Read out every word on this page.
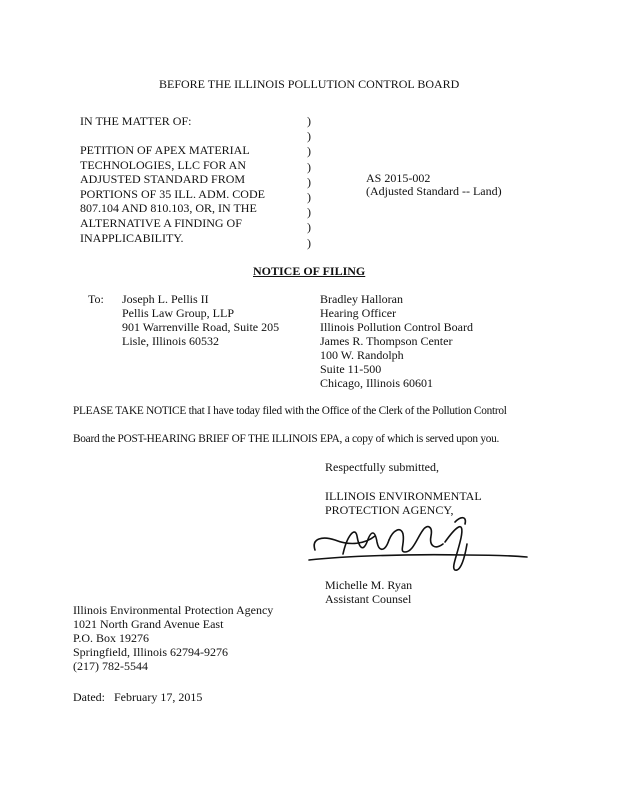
BEFORE THE ILLINOIS POLLUTION CONTROL BOARD
IN THE MATTER OF:
PETITION OF APEX MATERIAL
TECHNOLOGIES, LLC FOR AN
ADJUSTED STANDARD FROM
PORTIONS OF 35 ILL. ADM. CODE
807.104 AND 810.103, OR, IN THE
ALTERNATIVE A FINDING OF
INAPPLICABILITY.
)
)
)
)
)
)
)
)
)
AS 2015-002
(Adjusted Standard -- Land)
NOTICE OF FILING
To: Joseph L. Pellis II
Pellis Law Group, LLP
901 Warrenville Road, Suite 205
Lisle, Illinois 60532
Bradley Halloran
Hearing Officer
Illinois Pollution Control Board
James R. Thompson Center
100 W. Randolph
Suite 11-500
Chicago, Illinois 60601
PLEASE TAKE NOTICE that I have today filed with the Office of the Clerk of the Pollution Control
Board the POST-HEARING BRIEF OF THE ILLINOIS EPA, a copy of which is served upon you.
Respectfully submitted,
ILLINOIS ENVIRONMENTAL
PROTECTION AGENCY,
Michelle M. Ryan
Assistant Counsel
Illinois Environmental Protection Agency
1021 North Grand Avenue East
P.O. Box 19276
Springfield, Illinois 62794-9276
(217) 782-5544
Dated: February 17, 2015
